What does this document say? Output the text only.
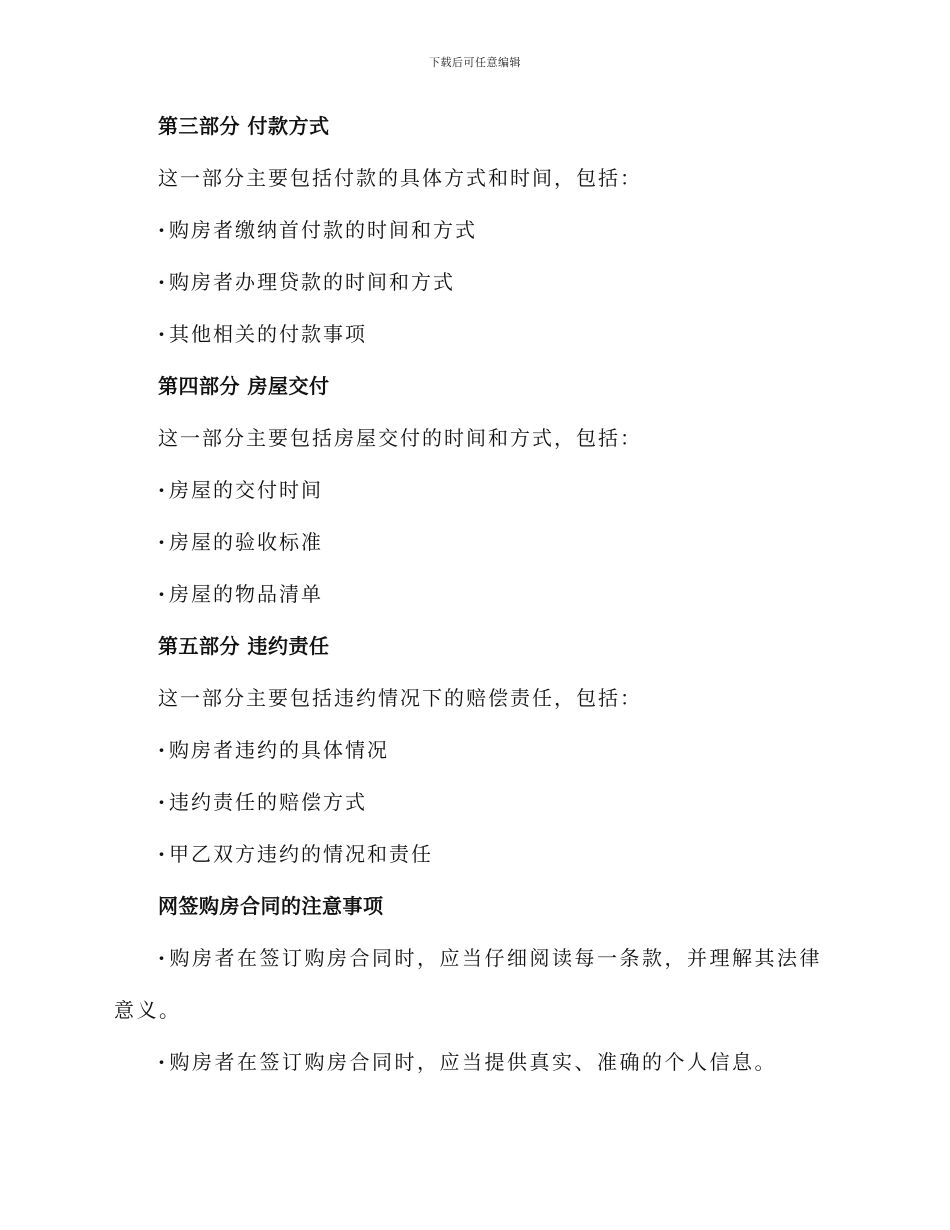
下载后可任意编辑
第三部分 付款方式
这一部分主要包括付款的具体方式和时间，包括：
· 购房者缴纳首付款的时间和方式
· 购房者办理贷款的时间和方式
· 其他相关的付款事项
第四部分 房屋交付
这一部分主要包括房屋交付的时间和方式，包括：
· 房屋的交付时间
· 房屋的验收标准
· 房屋的物品清单
第五部分 违约责任
这一部分主要包括违约情况下的赔偿责任，包括：
· 购房者违约的具体情况
· 违约责任的赔偿方式
· 甲乙双方违约的情况和责任
网签购房合同的注意事项
· 购房者在签订购房合同时，应当仔细阅读每一条款，并理解其法律意义。
· 购房者在签订购房合同时，应当提供真实、准确的个人信息。
